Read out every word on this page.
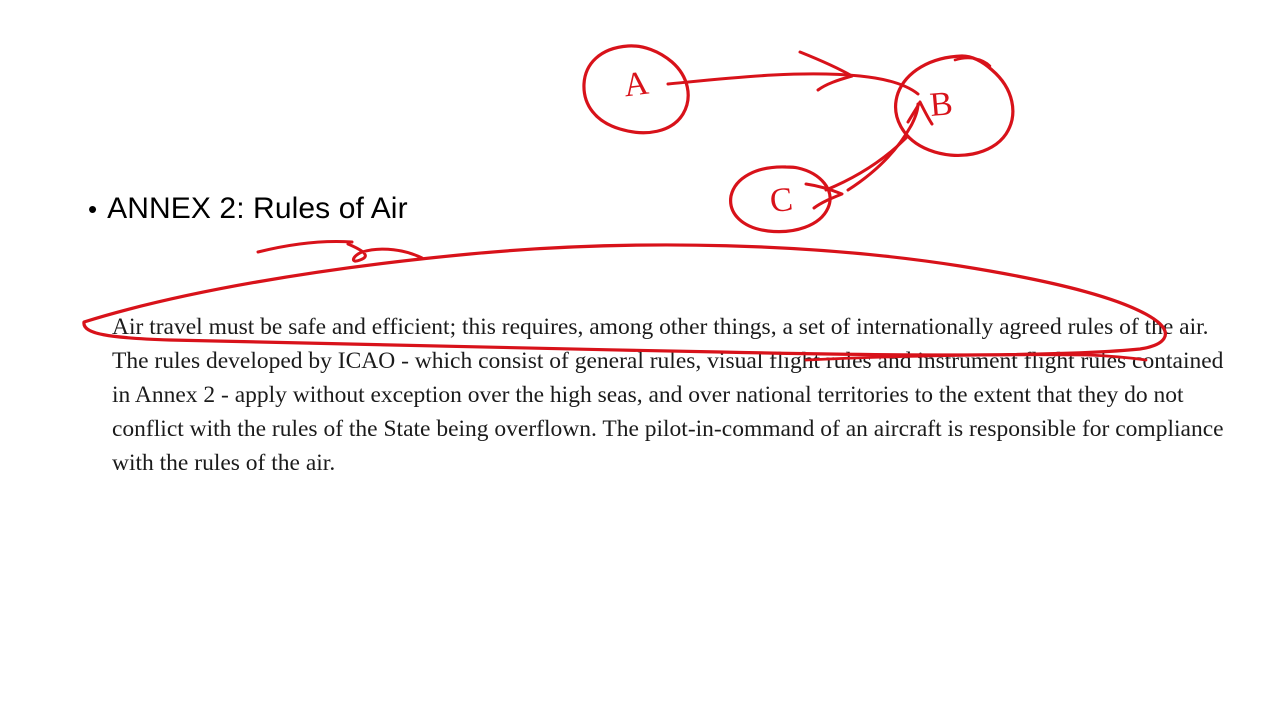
• ANNEX 2: Rules of Air
Air travel must be safe and efficient; this requires, among other things, a set of internationally agreed rules of the air.
The rules developed by ICAO - which consist of general rules, visual flight rules and instrument flight rules contained
in Annex 2 - apply without exception over the high seas, and over national territories to the extent that they do not
conflict with the rules of the State being overflown. The pilot-in-command of an aircraft is responsible for compliance
with the rules of the air.
A
B
C
